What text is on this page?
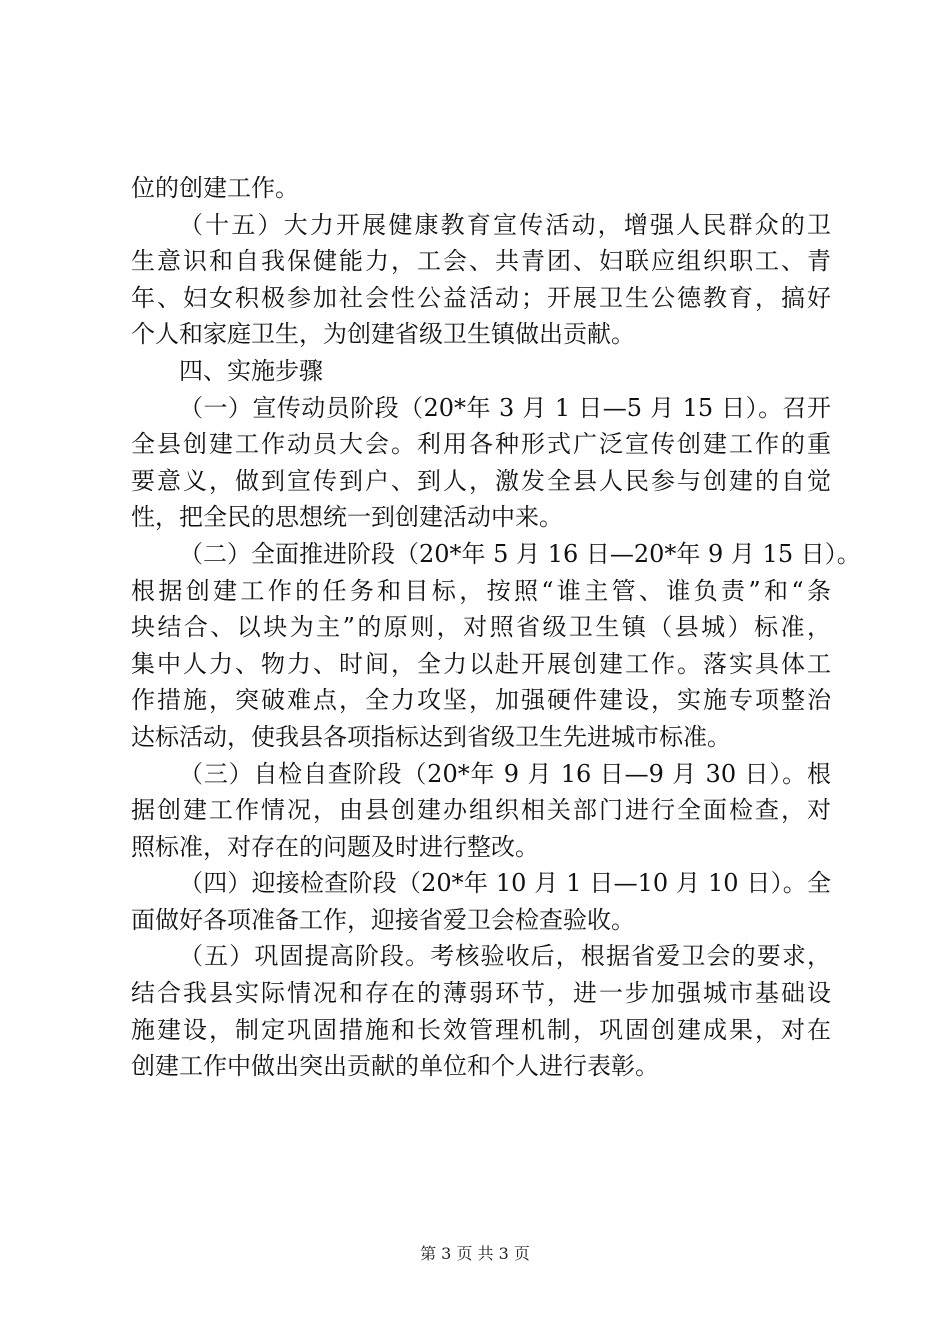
位的创建工作。
（十五）大力开展健康教育宣传活动，增强人民群众的卫
生意识和自我保健能力，工会、共青团、妇联应组织职工、青
年、妇女积极参加社会性公益活动；开展卫生公德教育，搞好
个人和家庭卫生，为创建省级卫生镇做出贡献。
四、实施步骤
（一）宣传动员阶段（20*年 3 月 1 日—5 月 15 日）。召开
全县创建工作动员大会。利用各种形式广泛宣传创建工作的重
要意义，做到宣传到户、到人，激发全县人民参与创建的自觉
性，把全民的思想统一到创建活动中来。
（二）全面推进阶段（20*年 5 月 16 日—20*年 9 月 15 日）。
根据创建工作的任务和目标，按照“谁主管、谁负责”和“条
块结合、以块为主”的原则，对照省级卫生镇（县城）标准，
集中人力、物力、时间，全力以赴开展创建工作。落实具体工
作措施，突破难点，全力攻坚，加强硬件建设，实施专项整治
达标活动，使我县各项指标达到省级卫生先进城市标准。
（三）自检自查阶段（20*年 9 月 16 日—9 月 30 日）。根
据创建工作情况，由县创建办组织相关部门进行全面检查，对
照标准，对存在的问题及时进行整改。
（四）迎接检查阶段（20*年 10 月 1 日—10 月 10 日）。全
面做好各项准备工作，迎接省爱卫会检查验收。
（五）巩固提高阶段。考核验收后，根据省爱卫会的要求，
结合我县实际情况和存在的薄弱环节，进一步加强城市基础设
施建设，制定巩固措施和长效管理机制，巩固创建成果，对在
创建工作中做出突出贡献的单位和个人进行表彰。
第 3 页 共 3 页
